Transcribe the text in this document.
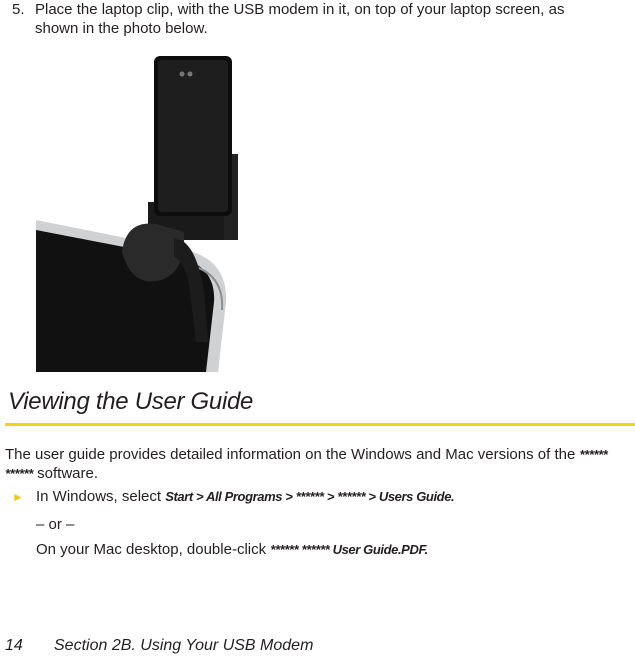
5. Place the laptop clip, with the USB modem in it, on top of your laptop screen, as shown in the photo below.
Viewing the User Guide
The user guide provides detailed information on the Windows and Mac versions of the ****** ****** software.
► In Windows, select Start > All Programs > ****** > ****** > Users Guide.
– or –
On your Mac desktop, double-click ****** ****** User Guide.PDF.
14 Section 2B. Using Your USB Modem
